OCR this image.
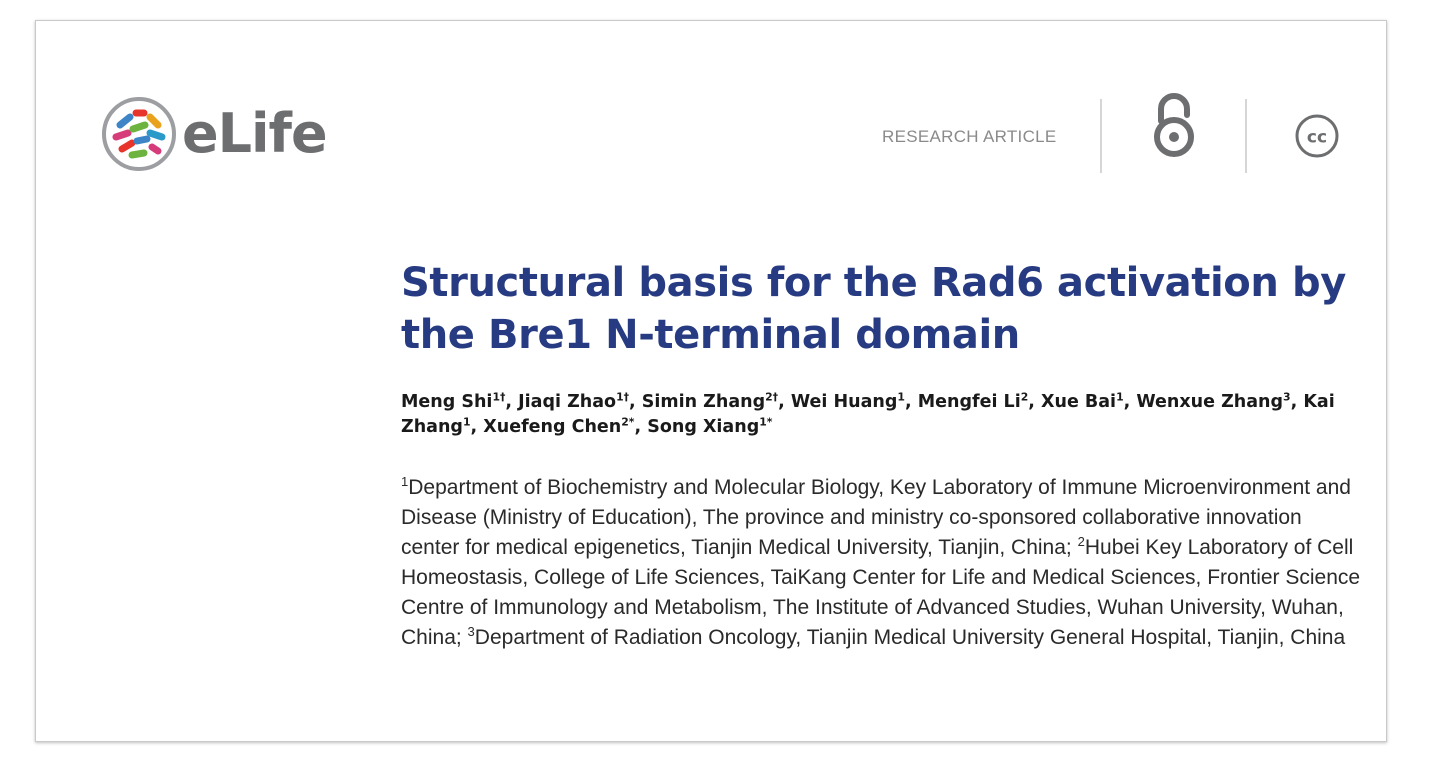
eLife	RESEARCH ARTICLE	cc
Structural basis for the Rad6 activation by the Bre1 N-terminal domain

Meng Shi$^{1\dagger}$, Jiaqi Zhao$^{1\dagger}$, Simin Zhang$^{2\dagger}$, Wei Huang$^1$, Mengfei Li$^2$, Xue Bai$^1$, Wenxue Zhang$^3$, Kai Zhang$^1$, Xuefeng Chen$^{2*}$, Song Xiang$^{1*}$

$^1$Department of Biochemistry and Molecular Biology, Key Laboratory of Immune Microenvironment and Disease (Ministry of Education), The province and ministry co-sponsored collaborative innovation center for medical epigenetics, Tianjin Medical University, Tianjin, China; $^2$Hubei Key Laboratory of Cell Homeostasis, College of Life Sciences, TaiKang Center for Life and Medical Sciences, Frontier Science Centre of Immunology and Metabolism, The Institute of Advanced Studies, Wuhan University, Wuhan, China; $^3$Department of Radiation Oncology, Tianjin Medical University General Hospital, Tianjin, China
